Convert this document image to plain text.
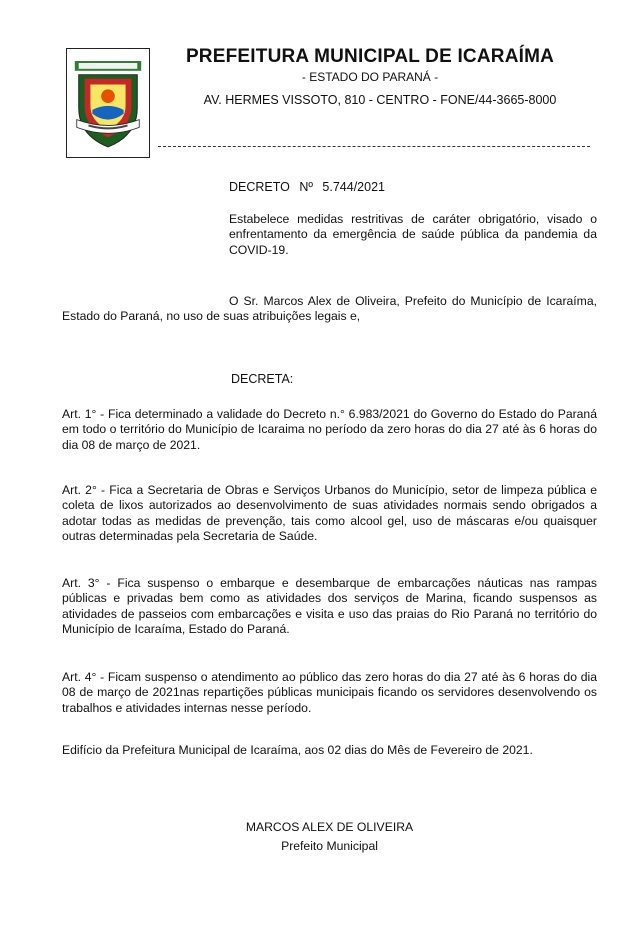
PREFEITURA MUNICIPAL DE ICARAÍMA
- ESTADO DO PARANÁ -
AV. HERMES VISSOTO, 810 - CENTRO - FONE/44-3665-8000
DECRETO Nº 5.744/2021
Estabelece medidas restritivas de caráter obrigatório, visado o enfrentamento da emergência de saúde pública da pandemia da COVID-19.
O Sr. Marcos Alex de Oliveira, Prefeito do Município de Icaraíma, Estado do Paraná, no uso de suas atribuições legais e,
DECRETA:
Art. 1° - Fica determinado a validade do Decreto n.° 6.983/2021 do Governo do Estado do Paraná em todo o território do Município de Icaraima no período da zero horas do dia 27 até às 6 horas do dia 08 de março de 2021.
Art. 2° - Fica a Secretaria de Obras e Serviços Urbanos do Município, setor de limpeza pública e coleta de lixos autorizados ao desenvolvimento de suas atividades normais sendo obrigados a adotar todas as medidas de prevenção, tais como alcool gel, uso de máscaras e/ou quaisquer outras determinadas pela Secretaria de Saúde.
Art. 3° - Fica suspenso o embarque e desembarque de embarcações náuticas nas rampas públicas e privadas bem como as atividades dos serviços de Marina, ficando suspensos as atividades de passeios com embarcações e visita e uso das praias do Rio Paraná no território do Município de Icaraíma, Estado do Paraná.
Art. 4° - Ficam suspenso o atendimento ao público das zero horas do dia 27 até às 6 horas do dia 08 de março de 2021nas repartições públicas municipais ficando os servidores desenvolvendo os trabalhos e atividades internas nesse período.
Edifício da Prefeitura Municipal de Icaraíma, aos 02 dias do Mês de Fevereiro de 2021.
MARCOS ALEX DE OLIVEIRA
Prefeito Municipal
